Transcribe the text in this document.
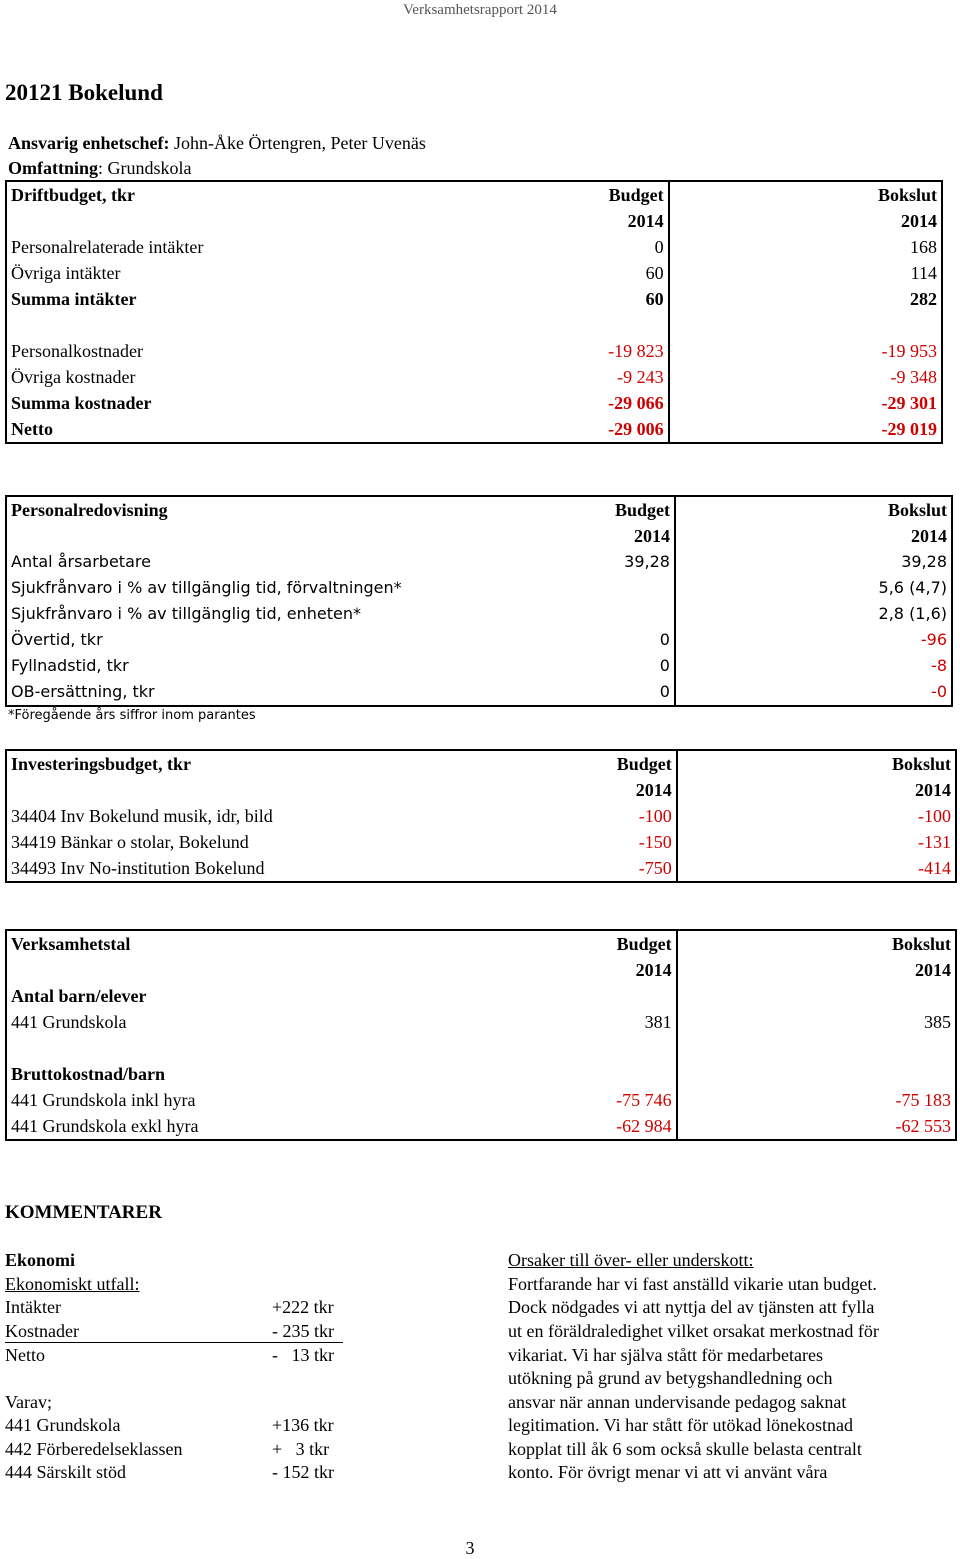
Verksamhetsrapport 2014
20121 Bokelund
Ansvarig enhetschef: John-Åke Örtengren, Peter Uvenäs
Omfattning: Grundskola
Driftbudget, tkr	Budget	Bokslut
	2014	2014
Personalrelaterade intäkter	0	168
Övriga intäkter	60	114
Summa intäkter	60	282

Personalkostnader	-19 823	-19 953
Övriga kostnader	-9 243	-9 348
Summa kostnader	-29 066	-29 301
Netto	-29 006	-29 019
Personalredovisning	Budget	Bokslut
	2014	2014
Antal årsarbetare	39,28	39,28
Sjukfrånvaro i % av tillgänglig tid, förvaltningen*		5,6 (4,7)
Sjukfrånvaro i % av tillgänglig tid, enheten*		2,8 (1,6)
Övertid, tkr	0	-96
Fyllnadstid, tkr	0	-8
OB-ersättning, tkr	0	-0
*Föregående års siffror inom parantes
Investeringsbudget, tkr	Budget	Bokslut
	2014	2014
34404 Inv Bokelund musik, idr, bild	-100	-100
34419 Bänkar o stolar, Bokelund	-150	-131
34493 Inv No-institution Bokelund	-750	-414
Verksamhetstal	Budget	Bokslut
	2014	2014
Antal barn/elever		
441 Grundskola	381	385

Bruttokostnad/barn		
441 Grundskola inkl hyra	-75 746	-75 183
441 Grundskola exkl hyra	-62 984	-62 553
KOMMENTARER
Ekonomi
Ekonomiskt utfall:
Intäkter	+222 tkr
Kostnader	- 235 tkr
Netto	-   13 tkr
Varav;
441 Grundskola	+136 tkr
442 Förberedelseklassen	+   3 tkr
444 Särskilt stöd	- 152 tkr
Orsaker till över- eller underskott:
Fortfarande har vi fast anställd vikarie utan budget.
Dock nödgades vi att nyttja del av tjänsten att fylla
ut en föräldraledighet vilket orsakat merkostnad för
vikariat. Vi har själva stått för medarbetares
utökning på grund av betygshandledning och
ansvar när annan undervisande pedagog saknat
legitimation. Vi har stått för utökad lönekostnad
kopplat till åk 6 som också skulle belasta centralt
konto. För övrigt menar vi att vi använt våra
3
